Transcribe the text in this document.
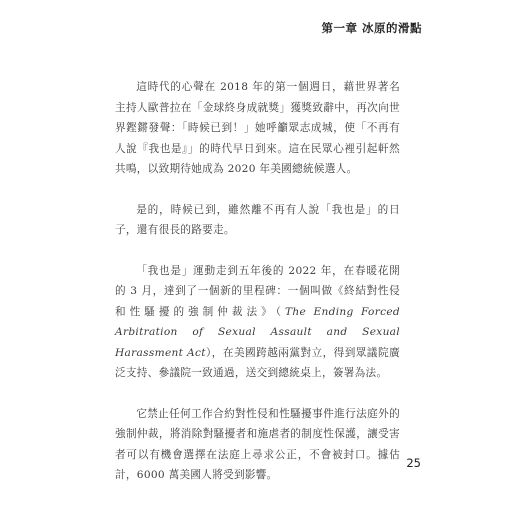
第一章 冰原的滑點

這時代的心聲在 2018 年的第一個週日，藉世界著名主持人歐普拉在「金球終身成就獎」獲獎致辭中，再次向世界鏗鏘發聲：「時候已到！」她呼籲眾志成城，使「不再有人說『我也是』」的時代早日到來。這在民眾心裡引起軒然共鳴，以致期待她成為 2020 年美國總統候選人。

是的，時候已到，雖然離不再有人說「我也是」的日子，還有很長的路要走。

「我也是」運動走到五年後的 2022 年，在春暖花開的 3 月，達到了一個新的里程碑：一個叫做《終結對性侵和性騷擾的強制仲裁法》（The Ending Forced Arbitration of Sexual Assault and Sexual Harassment Act），在美國跨越兩黨對立，得到眾議院廣泛支持、參議院一致通過，送交到總統桌上，簽署為法。

它禁止任何工作合約對性侵和性騷擾事件進行法庭外的強制仲裁，將消除對騷擾者和施虐者的制度性保護，讓受害者可以有機會選擇在法庭上尋求公正，不會被封口。據估計，6000 萬美國人將受到影響。

25
